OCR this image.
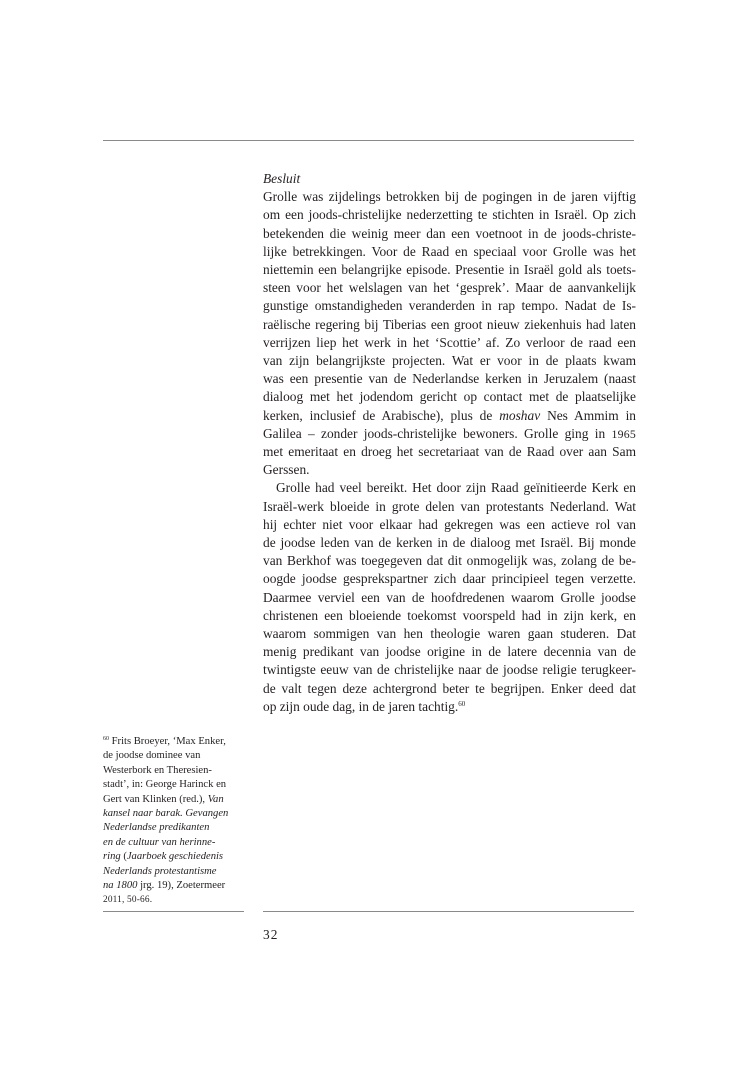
Besluit

Grolle was zijdelings betrokken bij de pogingen in de jaren vijftig
om een joods-christelijke nederzetting te stichten in Israël. Op zich
betekenden die weinig meer dan een voetnoot in de joods-christe-
lijke betrekkingen. Voor de Raad en speciaal voor Grolle was het
niettemin een belangrijke episode. Presentie in Israël gold als toets-
steen voor het welslagen van het ‘gesprek’. Maar de aanvankelijk
gunstige omstandigheden veranderden in rap tempo. Nadat de Is-
raëlische regering bij Tiberias een groot nieuw ziekenhuis had laten
verrijzen liep het werk in het ‘Scottie’ af. Zo verloor de raad een
van zijn belangrijkste projecten. Wat er voor in de plaats kwam
was een presentie van de Nederlandse kerken in Jeruzalem (naast
dialoog met het jodendom gericht op contact met de plaatselijke
kerken, inclusief de Arabische), plus de moshav Nes Ammim in
Galilea – zonder joods-christelijke bewoners. Grolle ging in 1965
met emeritaat en droeg het secretariaat van de Raad over aan Sam
Gerssen.
Grolle had veel bereikt. Het door zijn Raad geïnitieerde Kerk en
Israël-werk bloeide in grote delen van protestants Nederland. Wat
hij echter niet voor elkaar had gekregen was een actieve rol van
de joodse leden van de kerken in de dialoog met Israël. Bij monde
van Berkhof was toegegeven dat dit onmogelijk was, zolang de be-
oogde joodse gesprekspartner zich daar principieel tegen verzette.
Daarmee verviel een van de hoofdredenen waarom Grolle joodse
christenen een bloeiende toekomst voorspeld had in zijn kerk, en
waarom sommigen van hen theologie waren gaan studeren. Dat
menig predikant van joodse origine in de latere decennia van de
twintigste eeuw van de christelijke naar de joodse religie terugkeer-
de valt tegen deze achtergrond beter te begrijpen. Enker deed dat
op zijn oude dag, in de jaren tachtig.$^{60}$
$^{60}$ Frits Broeyer, ‘Max Enker,
de joodse dominee van
Westerbork en Theresien-
stadt’, in: George Harinck en
Gert van Klinken (red.), Van
kansel naar barak. Gevangen
Nederlandse predikanten
en de cultuur van herinne-
ring (Jaarboek geschiedenis
Nederlands protestantisme
na 1800 jrg. 19), Zoetermeer
2011, 50-66.
32
